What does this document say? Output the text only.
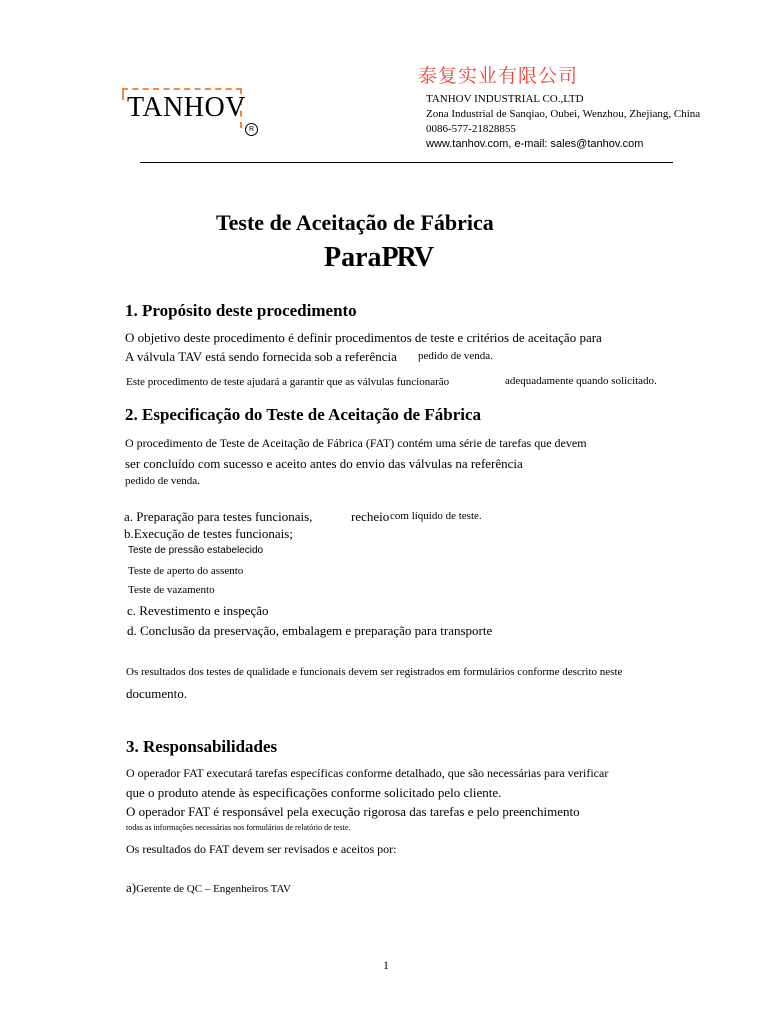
TANHOV
R
泰复实业有限公司
TANHOV INDUSTRIAL CO.,LTD
Zona Industrial de Sanqiao, Oubei, Wenzhou, Zhejiang, China
0086-577-21828855
www.tanhov.com, e-mail: sales@tanhov.com
Teste de Aceitação de Fábrica
ParaPRV
1. Propósito deste procedimento
O objetivo deste procedimento é definir procedimentos de teste e critérios de aceitação para
A válvula TAV está sendo fornecida sob a referência pedido de venda.
Este procedimento de teste ajudará a garantir que as válvulas funcionarão	adequadamente quando solicitado.
2. Especificação do Teste de Aceitação de Fábrica
O procedimento de Teste de Aceitação de Fábrica (FAT) contém uma série de tarefas que devem
ser concluído com sucesso e aceito antes do envio das válvulas na referência
pedido de venda.
a. Preparação para testes funcionais,	recheio com líquido de teste.
b.Execução de testes funcionais;
Teste de pressão estabelecido
Teste de aperto do assento
Teste de vazamento
c. Revestimento e inspeção
d. Conclusão da preservação, embalagem e preparação para transporte
Os resultados dos testes de qualidade e funcionais devem ser registrados em formulários conforme descrito neste
documento.
3. Responsabilidades
O operador FAT executará tarefas específicas conforme detalhado, que são necessárias para verificar
que o produto atende às especificações conforme solicitado pelo cliente.
O operador FAT é responsável pela execução rigorosa das tarefas e pelo preenchimento
todas as informações necessárias nos formulários de relatório de teste.
Os resultados do FAT devem ser revisados e aceitos por:
a)Gerente de QC – Engenheiros TAV
1
